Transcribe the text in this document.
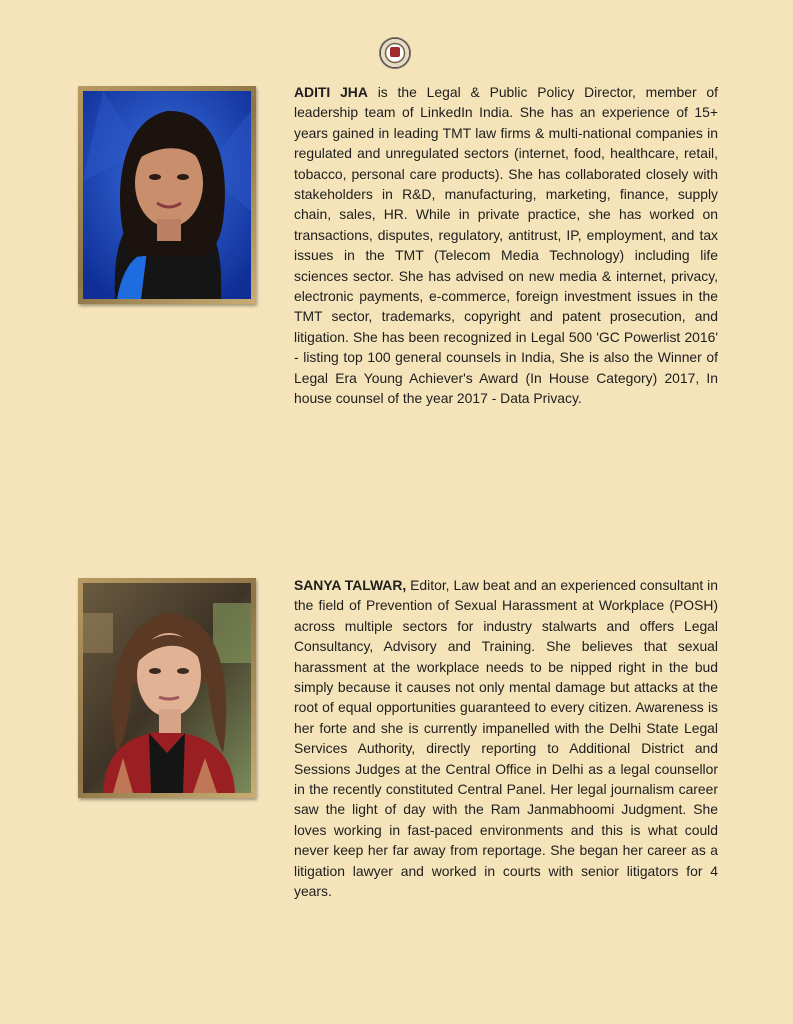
ADITI JHA is the Legal & Public Policy Director, member of leadership team of LinkedIn India. She has an experience of 15+ years gained in leading TMT law firms & multi-national companies in regulated and unregulated sectors (internet, food, healthcare, retail, tobacco, personal care products). She has collaborated closely with stakeholders in R&D, manufacturing, marketing, finance, supply chain, sales, HR. While in private practice, she has worked on transactions, disputes, regulatory, antitrust, IP, employment, and tax issues in the TMT (Telecom Media Technology) including life sciences sector. She has advised on new media & internet, privacy, electronic payments, e-commerce, foreign investment issues in the TMT sector, trademarks, copyright and patent prosecution, and litigation. She has been recognized in Legal 500 'GC Powerlist 2016' - listing top 100 general counsels in India, She is also the Winner of Legal Era Young Achiever's Award (In House Category) 2017, In house counsel of the year 2017 - Data Privacy.

SANYA TALWAR, Editor, Law beat and an experienced consultant in the field of Prevention of Sexual Harassment at Workplace (POSH) across multiple sectors for industry stalwarts and offers Legal Consultancy, Advisory and Training. She believes that sexual harassment at the workplace needs to be nipped right in the bud simply because it causes not only mental damage but attacks at the root of equal opportunities guaranteed to every citizen. Awareness is her forte and she is currently impanelled with the Delhi State Legal Services Authority, directly reporting to Additional District and Sessions Judges at the Central Office in Delhi as a legal counsellor in the recently constituted Central Panel. Her legal journalism career saw the light of day with the Ram Janmabhoomi Judgment. She loves working in fast-paced environments and this is what could never keep her far away from reportage. She began her career as a litigation lawyer and worked in courts with senior litigators for 4 years.
